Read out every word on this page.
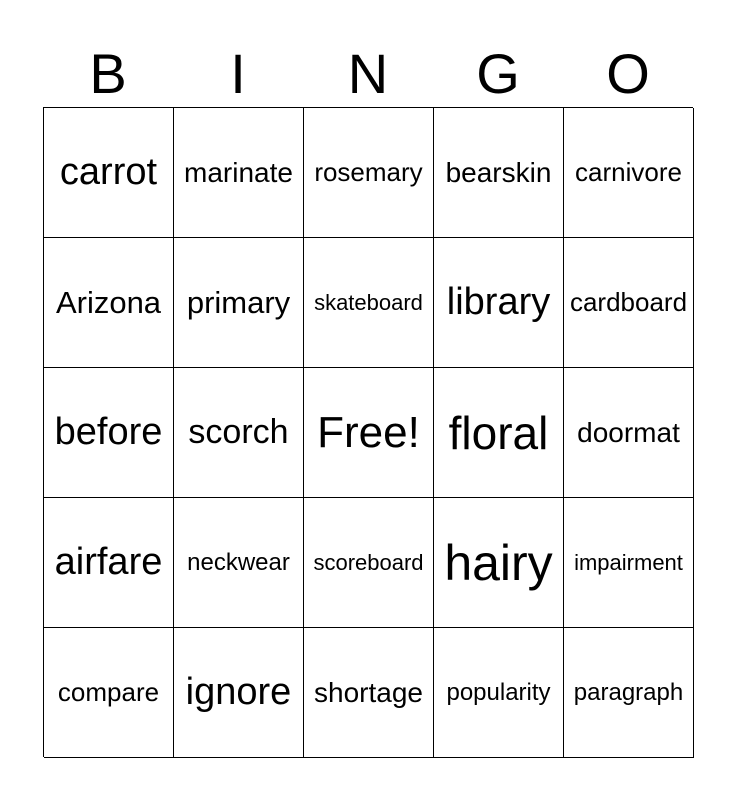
B	I	N	G	O
carrot marinate rosemary bearskin carnivore
Arizona primary	skateboard library cardboard
before scorch Free! floral	doormat
airfare	neckwear	scoreboard hairy impairment
compare ignore shortage popularity paragraph
